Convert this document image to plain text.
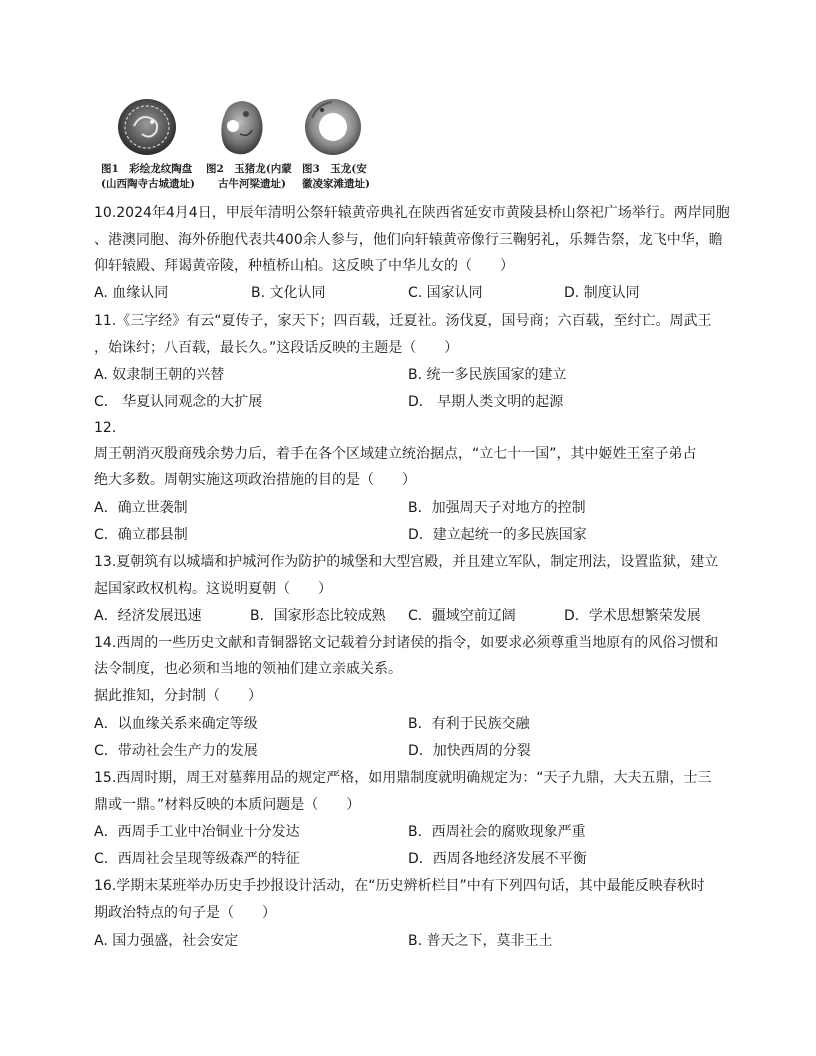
图1　彩绘龙纹陶盘
(山西陶寺古城遗址)
图2　玉猪龙(内蒙
古牛河梁遗址)
图3　玉龙(安
徽凌家滩遗址)
10.2024年4月4日，甲辰年清明公祭轩辕黄帝典礼在陕西省延安市黄陵县桥山祭祀广场举行。两岸同胞
、港澳同胞、海外侨胞代表共400余人参与，他们向轩辕黄帝像行三鞠躬礼，乐舞告祭，龙飞中华，瞻
仰轩辕殿、拜谒黄帝陵，种植桥山柏。这反映了中华儿女的（　　）
A. 血缘认同	B. 文化认同	C. 国家认同	D. 制度认同
11.《三字经》有云“夏传子，家天下；四百载，迁夏社。汤伐夏，国号商；六百载，至纣亡。周武王
，始诛纣；八百载，最长久。”这段话反映的主题是（　　）
A. 奴隶制王朝的兴替	B. 统一多民族国家的建立
C． 华夏认同观念的大扩展	D． 早期人类文明的起源
12.
周王朝消灭殷商残余势力后，着手在各个区域建立统治据点，“立七十一国”，其中姬姓王室子弟占
绝大多数。周朝实施这项政治措施的目的是（　　）
A．确立世袭制	B．加强周天子对地方的控制
C．确立郡县制	D．建立起统一的多民族国家
13.夏朝筑有以城墙和护城河作为防护的城堡和大型宫殿，并且建立军队，制定刑法，设置监狱，建立
起国家政权机构。这说明夏朝（　　）
A．经济发展迅速	B．国家形态比较成熟 C．疆域空前辽阔	D．学术思想繁荣发展
14.西周的一些历史文献和青铜器铭文记载着分封诸侯的指令，如要求必须尊重当地原有的风俗习惯和
法令制度，也必须和当地的领袖们建立亲戚关系。
据此推知，分封制（　　）
A．以血缘关系来确定等级	B．有利于民族交融
C．带动社会生产力的发展	D．加快西周的分裂
15.西周时期，周王对墓葬用品的规定严格，如用鼎制度就明确规定为：“天子九鼎，大夫五鼎，士三
鼎或一鼎。”材料反映的本质问题是（　　）
A．西周手工业中冶铜业十分发达	B．西周社会的腐败现象严重
C．西周社会呈现等级森严的特征	D．西周各地经济发展不平衡
16.学期末某班举办历史手抄报设计活动，在“历史辨析栏目”中有下列四句话，其中最能反映春秋时
期政治特点的句子是（　　）
A. 国力强盛，社会安定	B. 普天之下，莫非王土
